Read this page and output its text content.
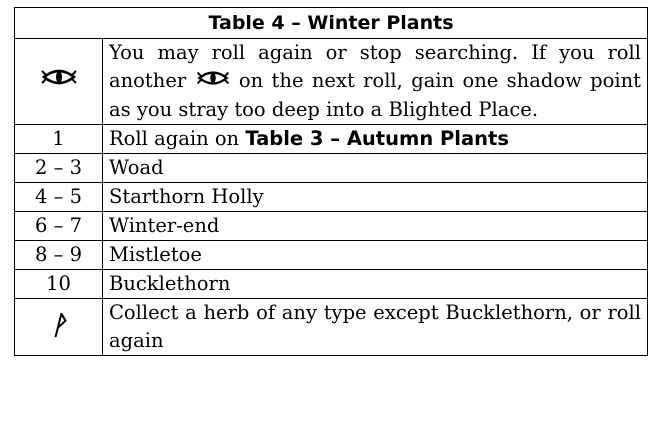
Table 4 – Winter Plants	
	You may roll again or stop searching. If you roll another on the next roll, gain one shadow point as you stray too deep into a Blighted Place.
1	Roll again on Table 3 – Autumn Plants
2 – 3	Woad
4 – 5	Starthorn Holly
6 – 7	Winter-end
8 – 9	Mistletoe
10	Bucklethorn
ᚹ	Collect a herb of any type except Bucklethorn, or roll again
